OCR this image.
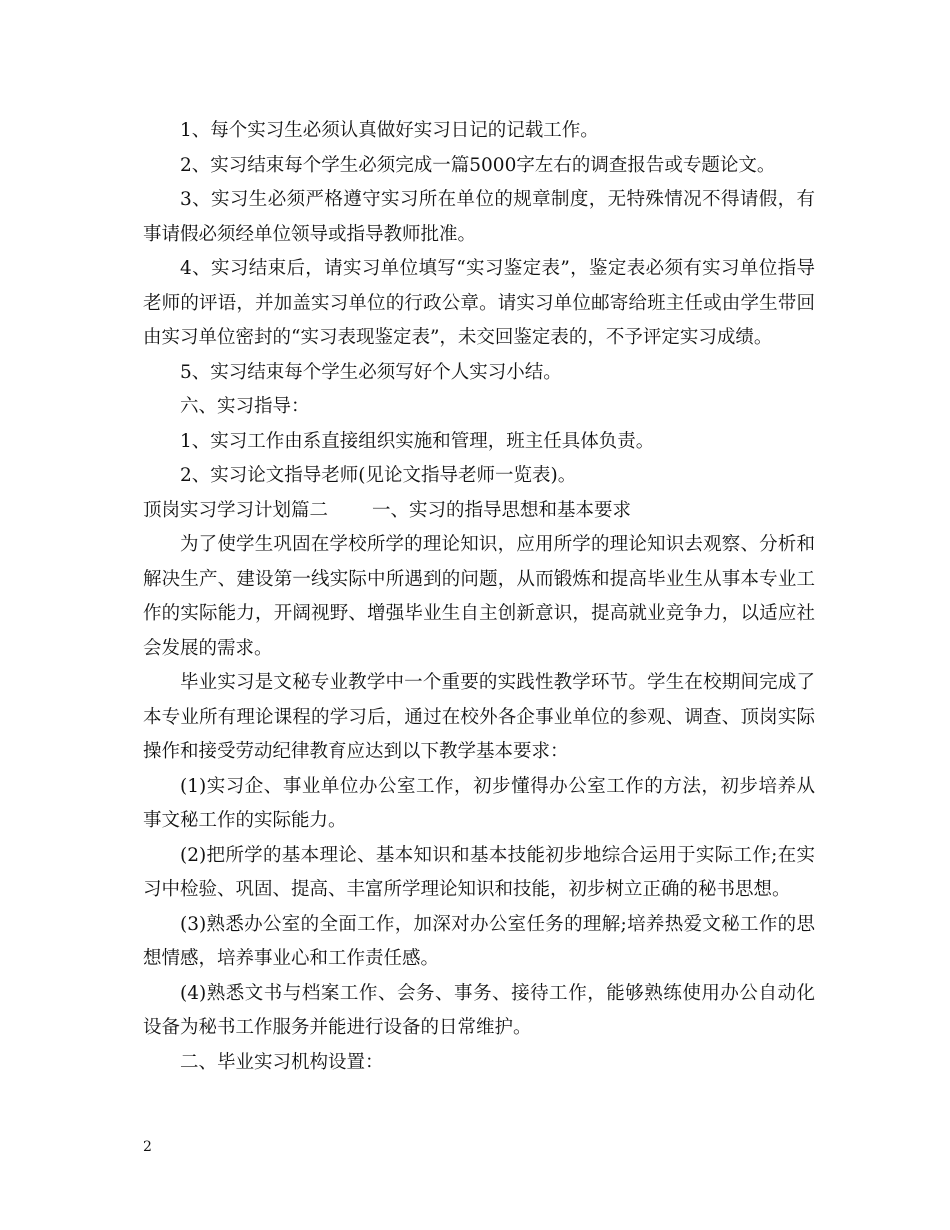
1、每个实习生必须认真做好实习日记的记载工作。

2、实习结束每个学生必须完成一篇5000字左右的调查报告或专题论文。

3、实习生必须严格遵守实习所在单位的规章制度，无特殊情况不得请假，有事请假必须经单位领导或指导教师批准。

4、实习结束后，请实习单位填写“实习鉴定表”，鉴定表必须有实习单位指导老师的评语，并加盖实习单位的行政公章。请实习单位邮寄给班主任或由学生带回由实习单位密封的“实习表现鉴定表”，未交回鉴定表的，不予评定实习成绩。

5、实习结束每个学生必须写好个人实习小结。

六、实习指导：

1、实习工作由系直接组织实施和管理，班主任具体负责。

2、实习论文指导老师(见论文指导老师一览表)。

顶岗实习学习计划篇二 一、实习的指导思想和基本要求

为了使学生巩固在学校所学的理论知识，应用所学的理论知识去观察、分析和解决生产、建设第一线实际中所遇到的问题，从而锻炼和提高毕业生从事本专业工作的实际能力，开阔视野、增强毕业生自主创新意识，提高就业竞争力，以适应社会发展的需求。

毕业实习是文秘专业教学中一个重要的实践性教学环节。学生在校期间完成了本专业所有理论课程的学习后，通过在校外各企事业单位的参观、调查、顶岗实际操作和接受劳动纪律教育应达到以下教学基本要求：

(1)实习企、事业单位办公室工作，初步懂得办公室工作的方法，初步培养从事文秘工作的实际能力。

(2)把所学的基本理论、基本知识和基本技能初步地综合运用于实际工作;在实习中检验、巩固、提高、丰富所学理论知识和技能，初步树立正确的秘书思想。

(3)熟悉办公室的全面工作，加深对办公室任务的理解;培养热爱文秘工作的思想情感，培养事业心和工作责任感。

(4)熟悉文书与档案工作、会务、事务、接待工作，能够熟练使用办公自动化设备为秘书工作服务并能进行设备的日常维护。

二、毕业实习机构设置：

2
